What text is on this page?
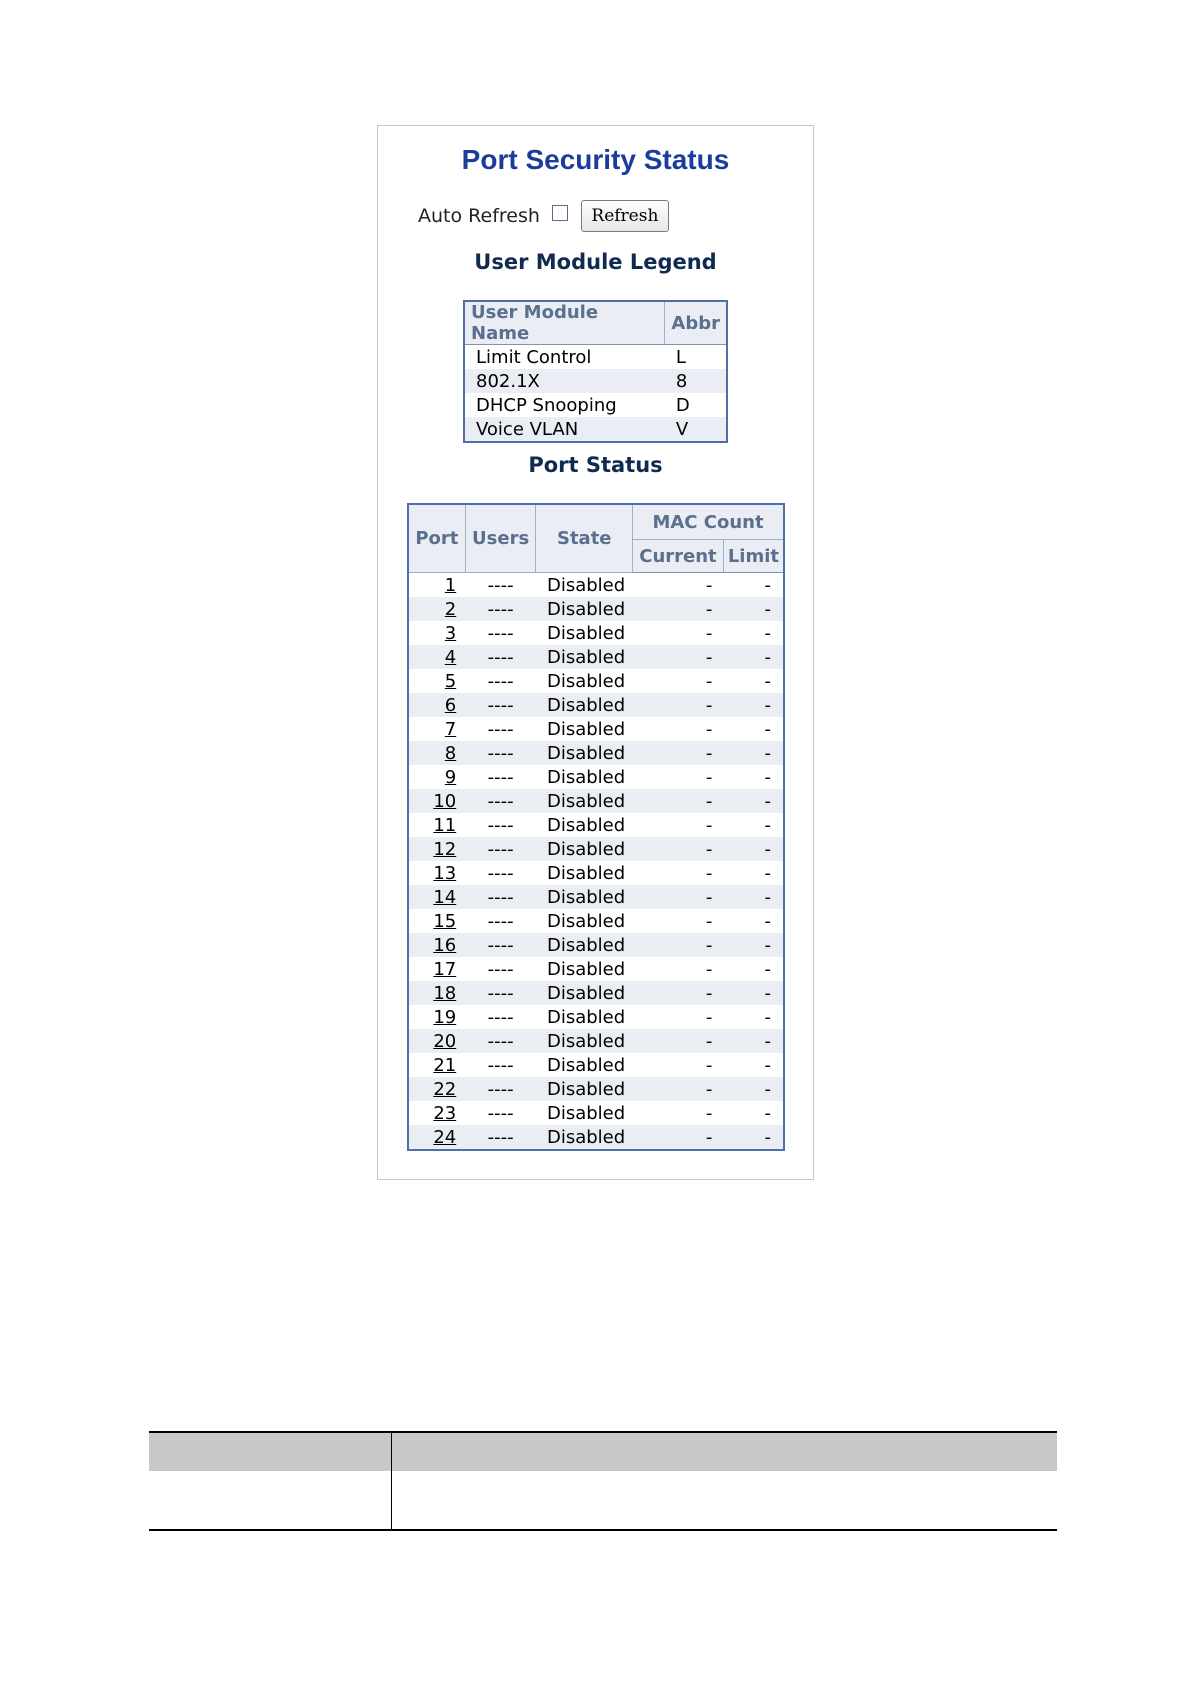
Port Security Status
Auto Refresh	Refresh
User Module Legend
User Module Name	Abbr
Limit Control	L
802.1X	8
DHCP Snooping	D
Voice VLAN	V
Port Status
Port	Users	State	MAC Count	
			Current	Limit
1	----	Disabled	-	-
2	----	Disabled	-	-
3	----	Disabled	-	-
4	----	Disabled	-	-
5	----	Disabled	-	-
6	----	Disabled	-	-
7	----	Disabled	-	-
8	----	Disabled	-	-
9	----	Disabled	-	-
10	----	Disabled	-	-
11	----	Disabled	-	-
12	----	Disabled	-	-
13	----	Disabled	-	-
14	----	Disabled	-	-
15	----	Disabled	-	-
16	----	Disabled	-	-
17	----	Disabled	-	-
18	----	Disabled	-	-
19	----	Disabled	-	-
20	----	Disabled	-	-
21	----	Disabled	-	-
22	----	Disabled	-	-
23	----	Disabled	-	-
24	----	Disabled	-	-
